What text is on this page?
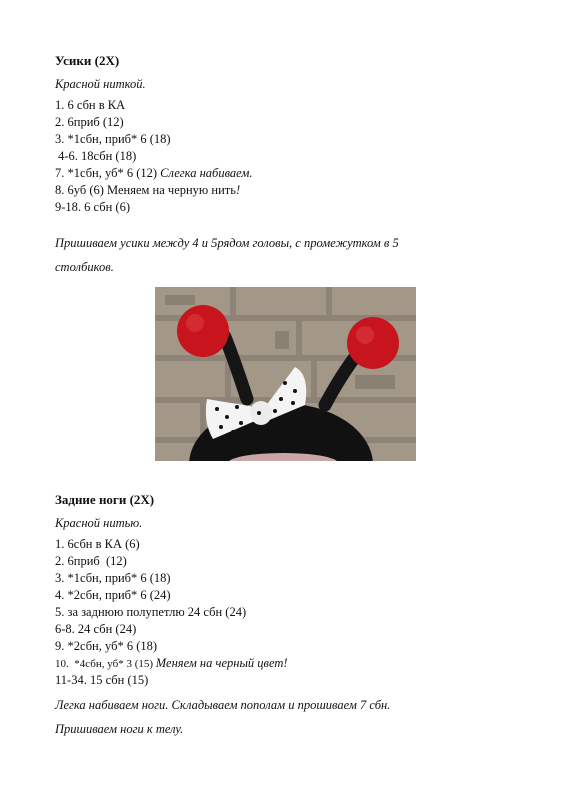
Усики (2Х)
Красной ниткой.
1. 6 сбн в КА
2. 6приб (12)
3. *1сбн, приб* 6 (18)
4-6. 18сбн (18)
7. *1сбн, уб* 6 (12) Слегка набиваем.
8. 6уб (6) Меняем на черную нить!
9-18. 6 сбн (6)
Пришиваем усики между 4 и 5рядом головы, с промежутком в 5
столбиков.
Задние ноги (2Х)
Красной нитью.
1. 6сбн в КА (6)
2. 6приб  (12)
3. *1сбн, приб* 6 (18)
4. *2сбн, приб* 6 (24)
5. за заднюю полупетлю 24 сбн (24)
6-8. 24 сбн (24)
9. *2сбн, уб* 6 (18)
10.  *4сбн, уб* 3 (15) Меняем на черный цвет!
11-34. 15 сбн (15)
Легка набиваем ноги. Складываем пополам и прошиваем 7 сбн.
Пришиваем ноги к телу.
